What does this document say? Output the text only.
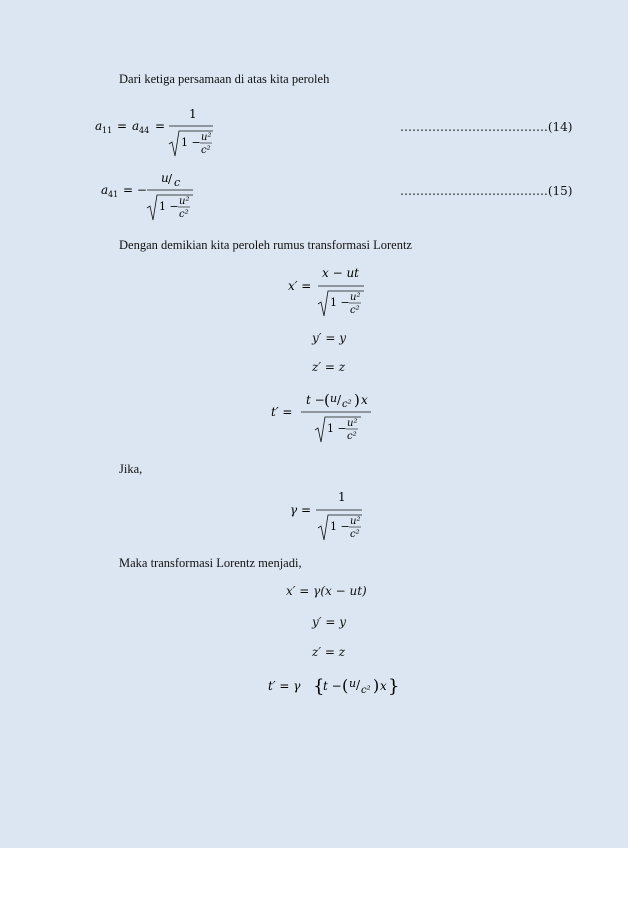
Dari ketiga persamaan di atas kita peroleh
a 11 = a 44 =
1
1 − u²
c²
……………………………….(14)
a 41 = −
u / c
1 − u²
c²
……………………………….(15)
Dengan demikian kita peroleh rumus transformasi Lorentz
x′ =
x − ut
1 − u²
c²
y′ = y
z′ = z
t′ =
t − ( u / c² ) x
1 − u²
c²
Jika,
γ =
1
1 − u²
c²
Maka transformasi Lorentz menjadi,
x′ = γ(x − ut)
y′ = y
z′ = z
t′ = γ {
t − ( u / c² ) x }
